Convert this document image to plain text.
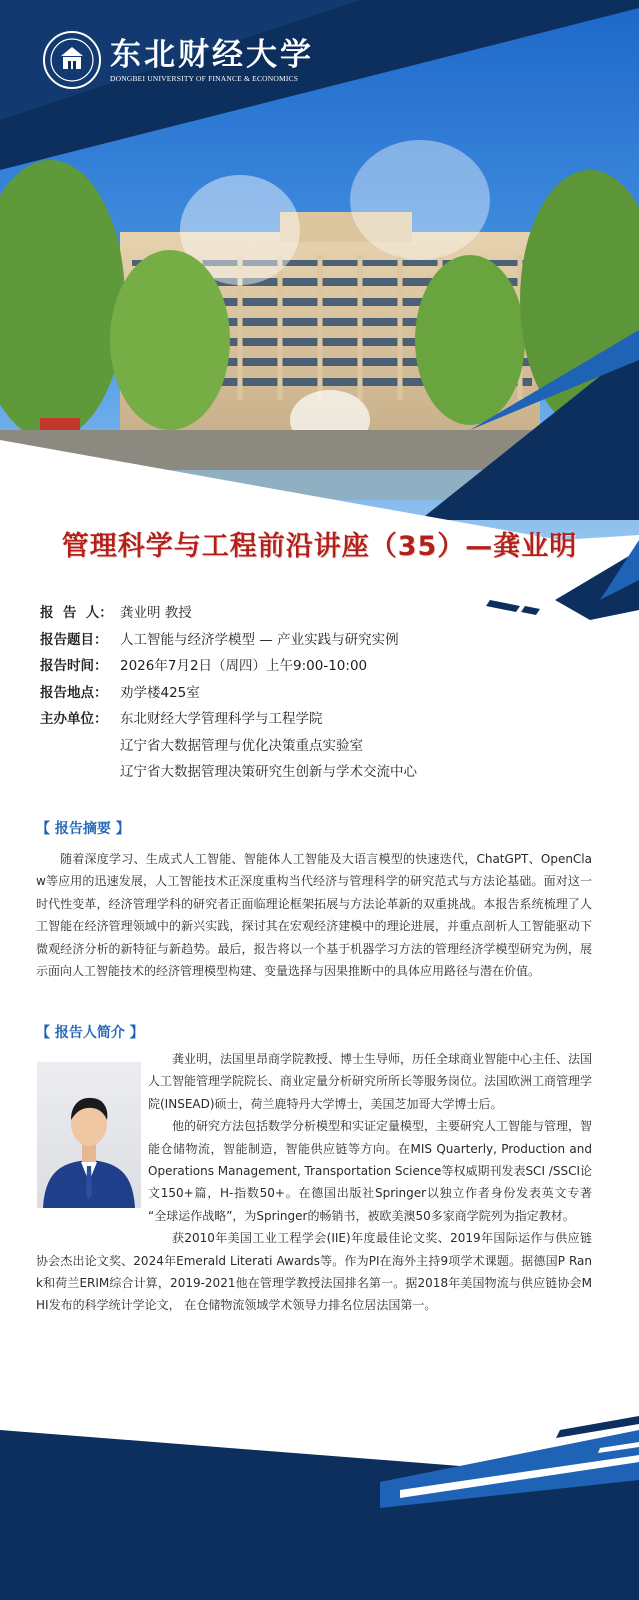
东北财经大学
DONGBEI UNIVERSITY OF FINANCE & ECONOMICS
管理科学与工程前沿讲座（35）—龚业明
报  告  人： 龚业明 教授
报告题目： 人工智能与经济学模型 — 产业实践与研究实例
报告时间： 2026年7月2日（周四）上午9:00-10:00
报告地点： 劝学楼425室
主办单位： 东北财经大学管理科学与工程学院
辽宁省大数据管理与优化决策重点实验室
辽宁省大数据管理决策研究生创新与学术交流中心
【 报告摘要 】

随着深度学习、生成式人工智能、智能体人工智能及大语言模型的快速迭代，ChatGPT、OpenClaw等应用的迅速发展，人工智能技术正深度重构当代经济与管理科学的研究范式与方法论基础。面对这一时代性变革，经济管理学科的研究者正面临理论框架拓展与方法论革新的双重挑战。本报告系统梳理了人工智能在经济管理领域中的新兴实践，探讨其在宏观经济建模中的理论进展，并重点剖析人工智能驱动下微观经济分析的新特征与新趋势。最后，报告将以一个基于机器学习方法的管理经济学模型研究为例，展示面向人工智能技术的经济管理模型构建、变量选择与因果推断中的具体应用路径与潜在价值。

【 报告人简介 】

龚业明，法国里昂商学院教授、博士生导师，历任全球商业智能中心主任、法国人工智能管理学院院长、商业定量分析研究所所长等服务岗位。法国欧洲工商管理学院(INSEAD)硕士，荷兰鹿特丹大学博士，美国芝加哥大学博士后。

他的研究方法包括数学分析模型和实证定量模型，主要研究人工智能与管理，智能仓储物流，智能制造，智能供应链等方向。在MIS Quarterly, Production and Operations Management, Transportation Science等权威期刊发表SCI /SSCI论文150+篇，H-指数50+。在德国出版社Springer以独立作者身份发表英文专著 “全球运作战略”，为Springer的畅销书，被欧美澳50多家商学院列为指定教材。

获2010年美国工业工程学会(IIE)年度最佳论文奖、2019年国际运作与供应链协会杰出论文奖、2024年Emerald Literati Awards等。作为PI在海外主持9项学术课题。据德国P Rank和荷兰ERIM综合计算，2019-2021他在管理学教授法国排名第一。据2018年美国物流与供应链协会MHI发布的科学统计学论文， 在仓储物流领域学术领导力排名位居法国第一。
